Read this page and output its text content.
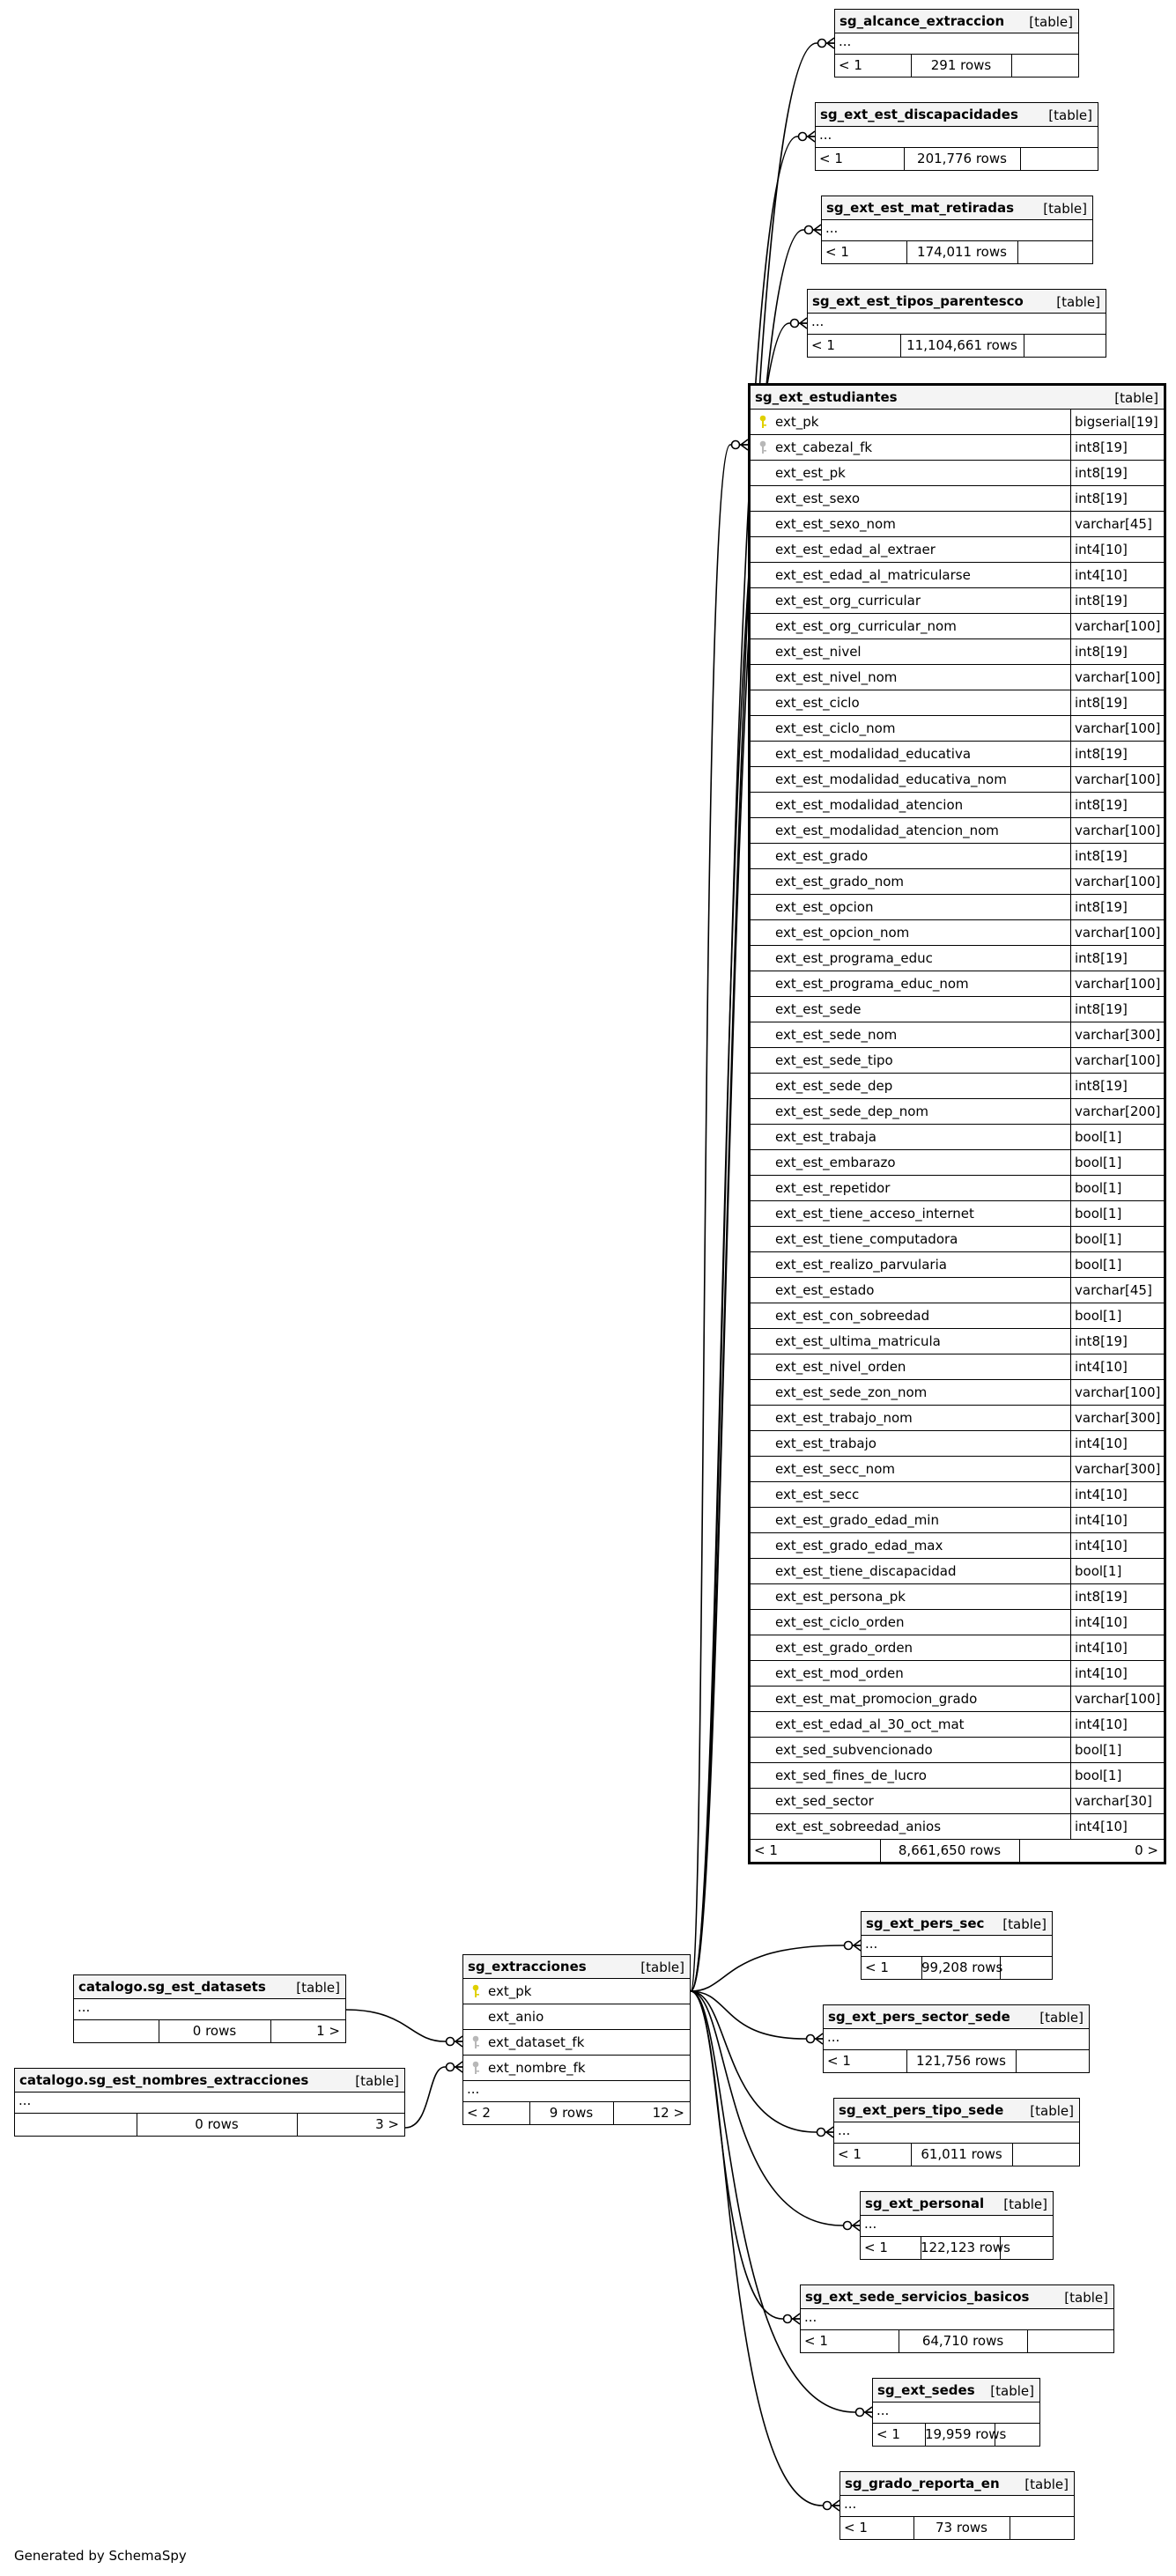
sg_alcance_extraccion [table]
...
< 1	291 rows
sg_ext_est_discapacidades [table]
...
< 1	201,776 rows
sg_ext_est_mat_retiradas [table]
...
< 1	174,011 rows
sg_ext_est_tipos_parentesco [table]
...
< 1	11,104,661 rows
sg_ext_pers_sec [table]
...
< 1 99,208 rows
sg_ext_pers_sector_sede [table]
...
< 1	121,756 rows
sg_ext_pers_tipo_sede [table]
...
< 1	61,011 rows
sg_ext_personal [table]
...
< 1 122,123 rows
sg_ext_sede_servicios_basicos	[table]
...
< 1	64,710 rows
sg_ext_sedes [table]
...
< 1 19,959 rows
sg_grado_reporta_en [table]
...
< 1	73 rows
catalogo.sg_est_datasets [table]
...
0 rows	1 >
catalogo.sg_est_nombres_extracciones	[table]
...
0 rows	3 >
sg_extracciones	[table]
ext_pk
ext_anio
ext_dataset_fk
ext_nombre_fk
...
< 2	9 rows	12 >
sg_ext_estudiantes	[table]
ext_pk	bigserial[19]
ext_cabezal_fk	int8[19]
ext_est_pk	int8[19]
ext_est_sexo	int8[19]
ext_est_sexo_nom	varchar[45]
ext_est_edad_al_extraer	int4[10]
ext_est_edad_al_matricularse	int4[10]
ext_est_org_curricular	int8[19]
ext_est_org_curricular_nom	varchar[100]
ext_est_nivel	int8[19]
ext_est_nivel_nom	varchar[100]
ext_est_ciclo	int8[19]
ext_est_ciclo_nom	varchar[100]
ext_est_modalidad_educativa	int8[19]
ext_est_modalidad_educativa_nom	varchar[100]
ext_est_modalidad_atencion	int8[19]
ext_est_modalidad_atencion_nom	varchar[100]
ext_est_grado	int8[19]
ext_est_grado_nom	varchar[100]
ext_est_opcion	int8[19]
ext_est_opcion_nom	varchar[100]
ext_est_programa_educ	int8[19]
ext_est_programa_educ_nom	varchar[100]
ext_est_sede	int8[19]
ext_est_sede_nom	varchar[300]
ext_est_sede_tipo	varchar[100]
ext_est_sede_dep	int8[19]
ext_est_sede_dep_nom	varchar[200]
ext_est_trabaja	bool[1]
ext_est_embarazo	bool[1]
ext_est_repetidor	bool[1]
ext_est_tiene_acceso_internet	bool[1]
ext_est_tiene_computadora	bool[1]
ext_est_realizo_parvularia	bool[1]
ext_est_estado	varchar[45]
ext_est_con_sobreedad	bool[1]
ext_est_ultima_matricula	int8[19]
ext_est_nivel_orden	int4[10]
ext_est_sede_zon_nom	varchar[100]
ext_est_trabajo_nom	varchar[300]
ext_est_trabajo	int4[10]
ext_est_secc_nom	varchar[300]
ext_est_secc	int4[10]
ext_est_grado_edad_min	int4[10]
ext_est_grado_edad_max	int4[10]
ext_est_tiene_discapacidad	bool[1]
ext_est_persona_pk	int8[19]
ext_est_ciclo_orden	int4[10]
ext_est_grado_orden	int4[10]
ext_est_mod_orden	int4[10]
ext_est_mat_promocion_grado	varchar[100]
ext_est_edad_al_30_oct_mat	int4[10]
ext_sed_subvencionado	bool[1]
ext_sed_fines_de_lucro	bool[1]
ext_sed_sector	varchar[30]
ext_est_sobreedad_anios	int4[10]
< 1	8,661,650 rows	0 >
Generated by SchemaSpy
